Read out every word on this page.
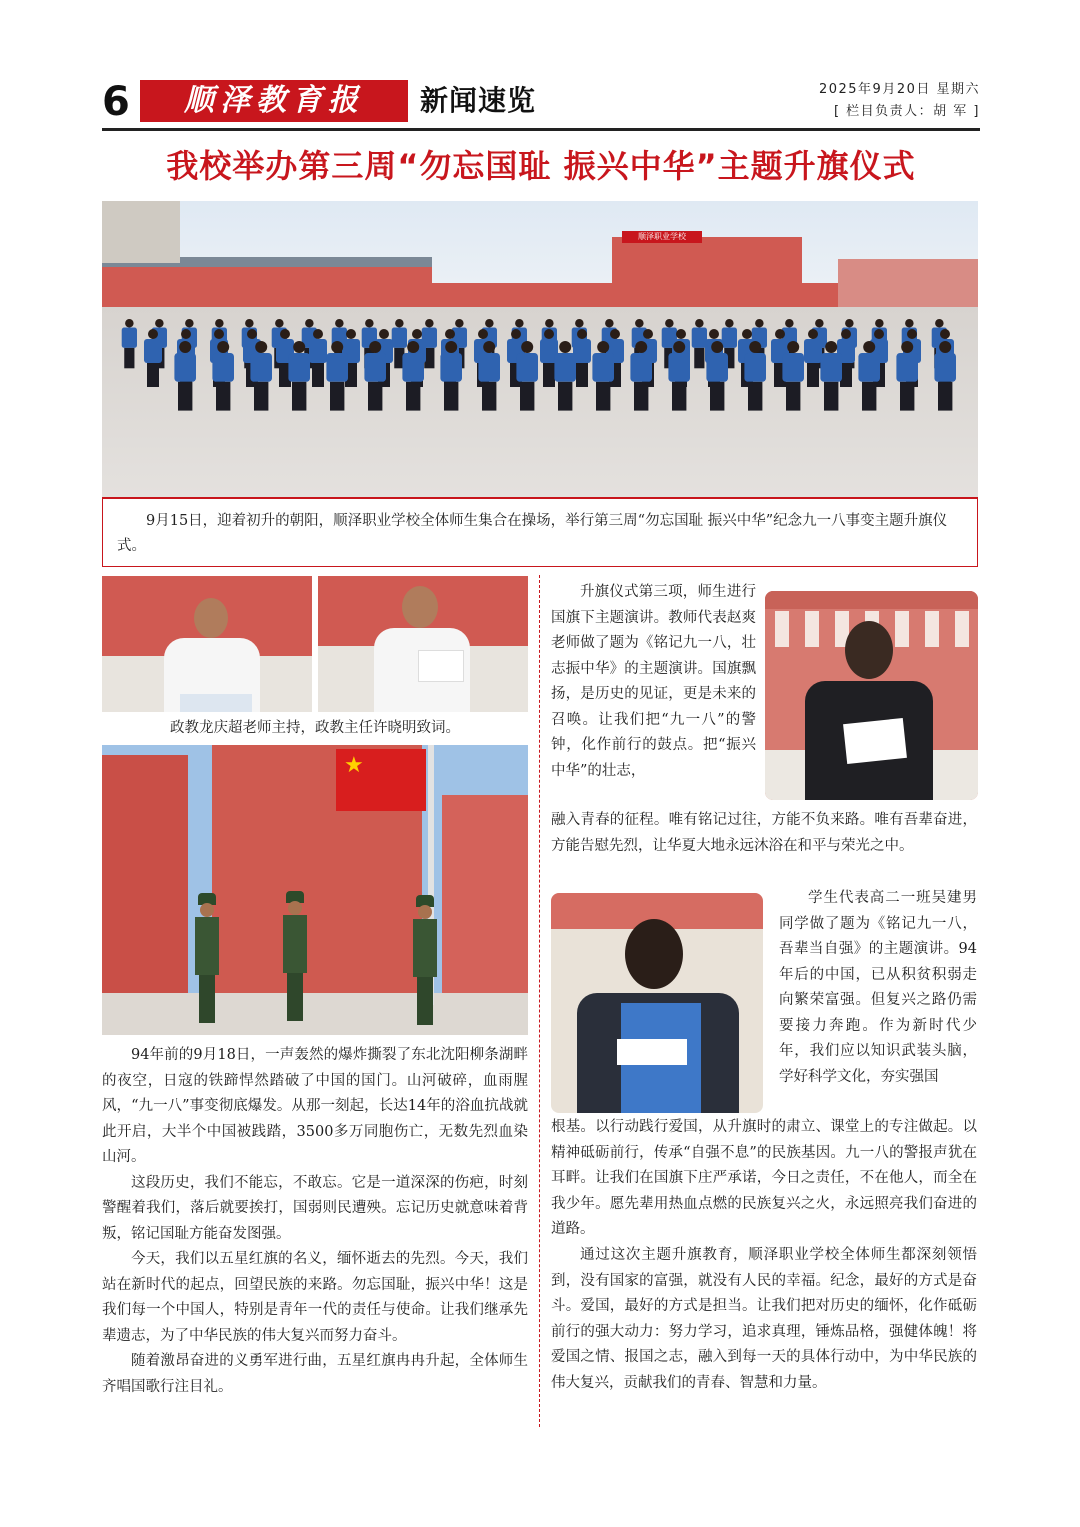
6	顺泽教育报	新闻速览	2025年9月20日 星期六
[ 栏目负责人：胡 军 ]
我校举办第三周“勿忘国耻 振兴中华”主题升旗仪式
顺泽职业学校
9月15日，迎着初升的朝阳，顺泽职业学校全体师生集合在操场，举行第三周“勿忘国耻 振兴中华”纪念九一八事变主题升旗仪式。
政教龙庆超老师主持，政教主任许晓明致词。
★

94年前的9月18日，一声轰然的爆炸撕裂了东北沈阳柳条湖畔的夜空，日寇的铁蹄悍然踏破了中国的国门。山河破碎，血雨腥风，“九一八”事变彻底爆发。从那一刻起，长达14年的浴血抗战就此开启，大半个中国被践踏，3500多万同胞伤亡，无数先烈血染山河。

这段历史，我们不能忘，不敢忘。它是一道深深的伤疤，时刻警醒着我们，落后就要挨打，国弱则民遭殃。忘记历史就意味着背叛，铭记国耻方能奋发图强。

今天，我们以五星红旗的名义，缅怀逝去的先烈。今天，我们站在新时代的起点，回望民族的来路。勿忘国耻，振兴中华！这是我们每一个中国人，特别是青年一代的责任与使命。让我们继承先辈遗志，为了中华民族的伟大复兴而努力奋斗。

随着激昂奋进的义勇军进行曲，五星红旗冉冉升起，全体师生齐唱国歌行注目礼。

升旗仪式第三项，师生进行国旗下主题演讲。教师代表赵爽老师做了题为《铭记九一八，壮志振中华》的主题演讲。国旗飘扬，是历史的见证，更是未来的召唤。让我们把“九一八”的警钟，化作前行的鼓点。把“振兴中华”的壮志，
融入青春的征程。唯有铭记过往，方能不负来路。唯有吾辈奋进，方能告慰先烈，让华夏大地永远沐浴在和平与荣光之中。
学生代表高二一班吴建男同学做了题为《铭记九一八，吾辈当自强》的主题演讲。94年后的中国，已从积贫积弱走向繁荣富强。但复兴之路仍需要接力奔跑。作为新时代少年，我们应以知识武装头脑，学好科学文化，夯实强国
根基。以行动践行爱国，从升旗时的肃立、课堂上的专注做起。以精神砥砺前行，传承“自强不息”的民族基因。九一八的警报声犹在耳畔。让我们在国旗下庄严承诺，今日之责任，不在他人，而全在我少年。愿先辈用热血点燃的民族复兴之火，永远照亮我们奋进的道路。
通过这次主题升旗教育，顺泽职业学校全体师生都深刻领悟到，没有国家的富强，就没有人民的幸福。纪念，最好的方式是奋斗。爱国，最好的方式是担当。让我们把对历史的缅怀，化作砥砺前行的强大动力：努力学习，追求真理，锤炼品格，强健体魄！将爱国之情、报国之志，融入到每一天的具体行动中，为中华民族的伟大复兴，贡献我们的青春、智慧和力量。
